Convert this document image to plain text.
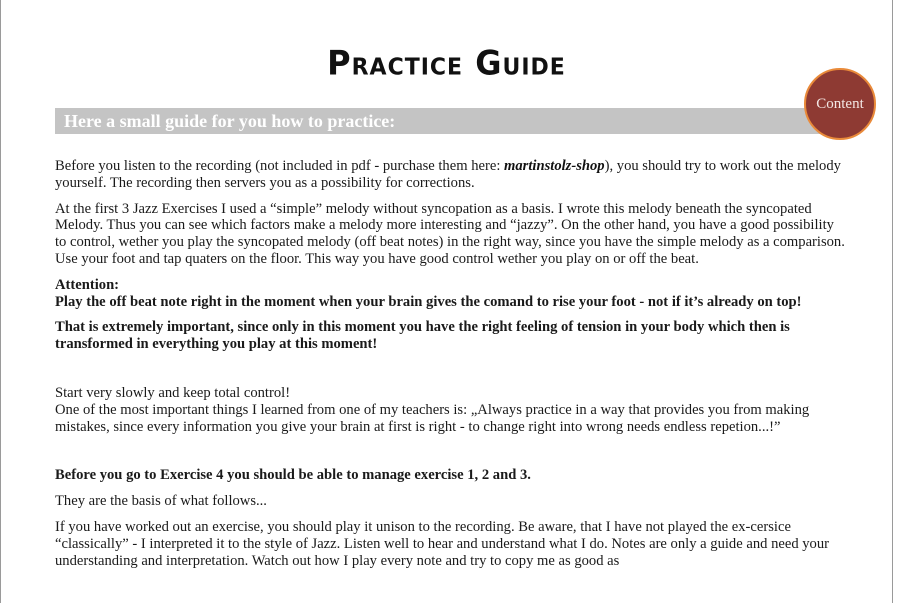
Practice Guide
Here a small guide for you how to practice:
Content

Before you listen to the recording (not included in pdf - purchase them here: martinstolz-shop), you should try to work out the melody yourself. The recording then servers you as a possibility for corrections.

At the first 3 Jazz Exercises I used a “simple” melody without syncopation as a basis. I wrote this melody beneath the syncopated Melody. Thus you can see which factors make a melody more interesting and “jazzy”. On the other hand, you have a good possibility to control, wether you play the syncopated melody (off beat notes) in the right way, since you have the simple melody as a comparison. Use your foot and tap quaters on the floor. This way you have good control wether you play on or off the beat.

Attention:

Play the off beat note right in the moment when your brain gives the comand to rise your foot - not if it’s already on top!

That is extremely important, since only in this moment you have the right feeling of tension in your body which then is transformed in everything you play at this moment!

Start very slowly and keep total control!

One of the most important things I learned from one of my teachers is: „Always practice in a way that provides you from making mistakes, since every information you give your brain at first is right - to change right into wrong needs endless repetion...!”

Before you go to Exercise 4 you should be able to manage exercise 1, 2 and 3.

They are the basis of what follows...

If you have worked out an exercise, you should play it unison to the recording. Be aware, that I have not played the ex-cersice “classically” - I interpreted it to the style of Jazz. Listen well to hear and understand what I do. Notes are only a guide and need your understanding and interpretation. Watch out how I play every note and try to copy me as good as
